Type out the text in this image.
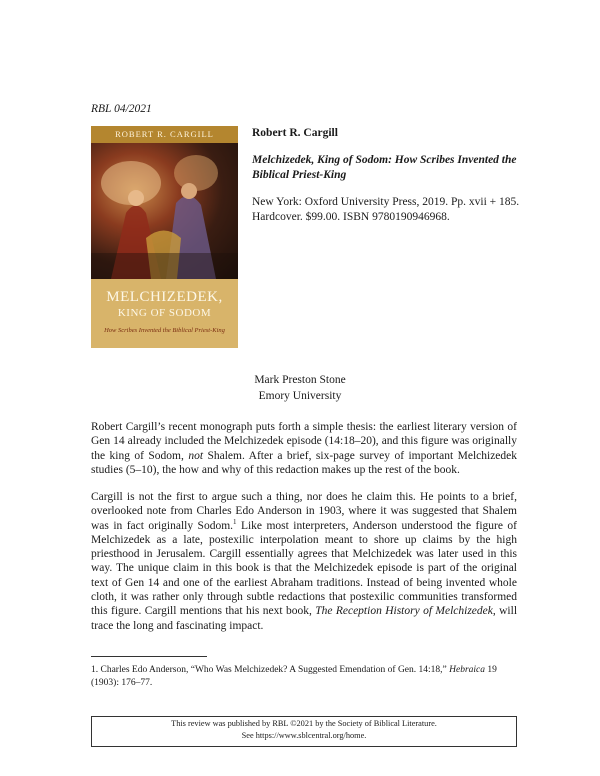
RBL 04/2021
ROBERT R. CARGILL
MELCHIZEDEK,
KING OF SODOM
How Scribes Invented the Biblical Priest-King
Robert R. Cargill
Melchizedek, King of Sodom: How Scribes Invented the Biblical Priest-King
New York: Oxford University Press, 2019. Pp. xvii + 185. Hardcover. $99.00. ISBN 9780190946968.
Mark Preston Stone
Emory University

Robert Cargill’s recent monograph puts forth a simple thesis: the earliest literary version of Gen 14 already included the Melchizedek episode (14:18–20), and this figure was originally the king of Sodom, not Shalem. After a brief, six-page survey of important Melchizedek studies (5–10), the how and why of this redaction makes up the rest of the book.

Cargill is not the first to argue such a thing, nor does he claim this. He points to a brief, overlooked note from Charles Edo Anderson in 1903, where it was suggested that Shalem was in fact originally Sodom.$^1$ Like most interpreters, Anderson understood the figure of Melchizedek as a late, postexilic interpolation meant to shore up claims by the high priesthood in Jerusalem. Cargill essentially agrees that Melchizedek was later used in this way. The unique claim in this book is that the Melchizedek episode is part of the original text of Gen 14 and one of the earliest Abraham traditions. Instead of being invented whole cloth, it was rather only through subtle redactions that postexilic communities transformed this figure. Cargill mentions that his next book, The Reception History of Melchizedek, will trace the long and fascinating impact.

1. Charles Edo Anderson, “Who Was Melchizedek? A Suggested Emendation of Gen. 14:18,” Hebraica 19 (1903): 176–77.
This review was published by RBL ©2021 by the Society of Biblical Literature.
See https://www.sblcentral.org/home.
